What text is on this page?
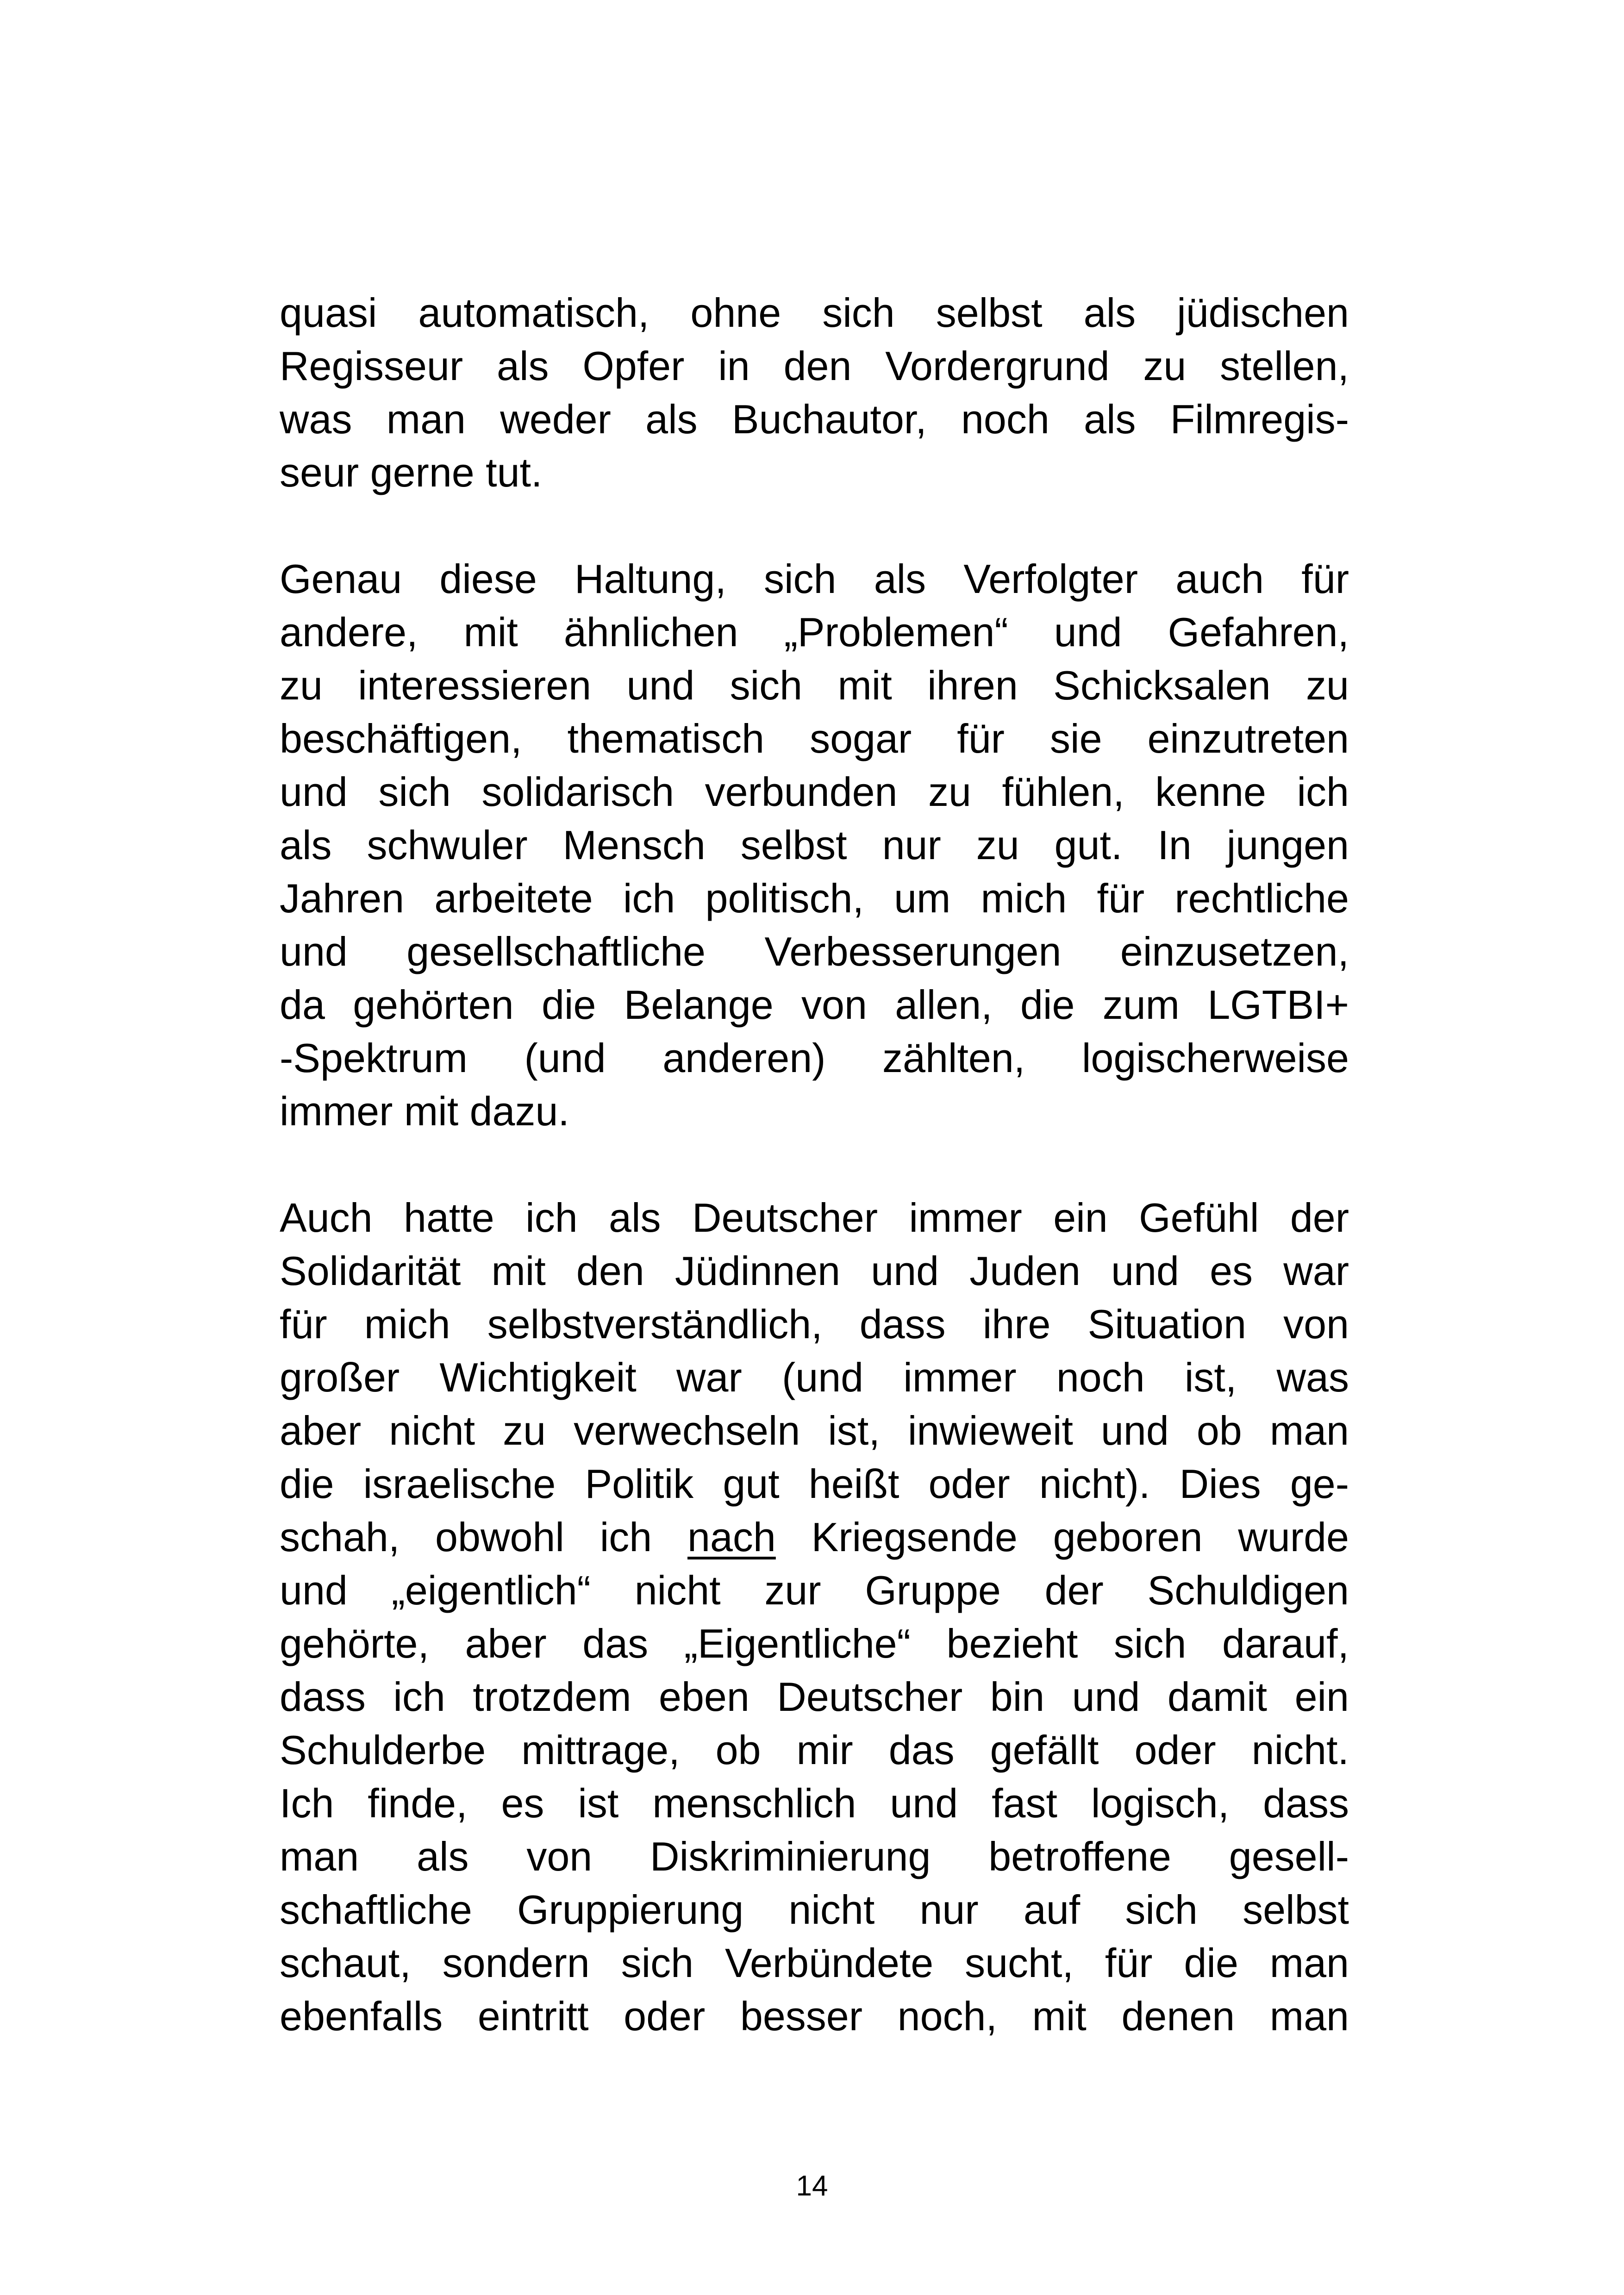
quasi automatisch, ohne sich selbst als jüdischen
Regisseur als Opfer in den Vordergrund zu stellen,
was man weder als Buchautor, noch als Filmregis-
seur gerne tut.

Genau diese Haltung, sich als Verfolgter auch für
andere, mit ähnlichen „Problemen“ und Gefahren,
zu interessieren und sich mit ihren Schicksalen zu
beschäftigen, thematisch sogar für sie einzutreten
und sich solidarisch verbunden zu fühlen, kenne ich
als schwuler Mensch selbst nur zu gut. In jungen
Jahren arbeitete ich politisch, um mich für rechtliche
und gesellschaftliche Verbesserungen einzusetzen,
da gehörten die Belange von allen, die zum LGTBI+
-Spektrum (und anderen) zählten, logischerweise
immer mit dazu.

Auch hatte ich als Deutscher immer ein Gefühl der
Solidarität mit den Jüdinnen und Juden und es war
für mich selbstverständlich, dass ihre Situation von
großer Wichtigkeit war (und immer noch ist, was
aber nicht zu verwechseln ist, inwieweit und ob man
die israelische Politik gut heißt oder nicht). Dies ge-
schah, obwohl ich nach Kriegsende geboren wurde
und „eigentlich“ nicht zur Gruppe der Schuldigen
gehörte, aber das „Eigentliche“ bezieht sich darauf,
dass ich trotzdem eben Deutscher bin und damit ein
Schulderbe mittrage, ob mir das gefällt oder nicht.
Ich finde, es ist menschlich und fast logisch, dass
man als von Diskriminierung betroffene gesell-
schaftliche Gruppierung nicht nur auf sich selbst
schaut, sondern sich Verbündete sucht, für die man
ebenfalls eintritt oder besser noch, mit denen man

14
